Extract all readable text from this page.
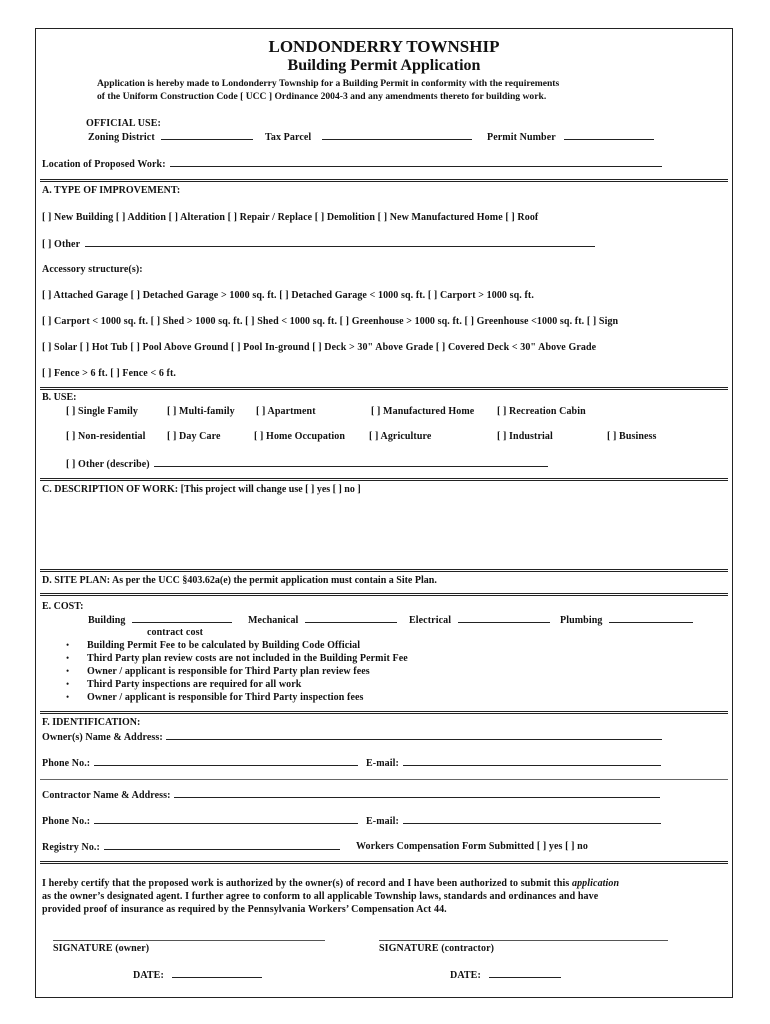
LONDONDERRY TOWNSHIP
Building Permit Application
Application is hereby made to Londonderry Township for a Building Permit in conformity with the requirements
of the Uniform Construction Code [ UCC ] Ordinance 2004-3 and any amendments thereto for building work.
OFFICIAL USE:
Zoning District	Tax Parcel	Permit Number
Location of Proposed Work:
A. TYPE OF IMPROVEMENT:
[ ] New Building [ ] Addition [ ] Alteration [ ] Repair / Replace [ ] Demolition [ ] New Manufactured Home [ ] Roof
[ ] Other
Accessory structure(s):
[ ] Attached Garage [ ] Detached Garage > 1000 sq. ft. [ ] Detached Garage < 1000 sq. ft. [ ] Carport > 1000 sq. ft.
[ ] Carport < 1000 sq. ft. [ ] Shed > 1000 sq. ft. [ ] Shed < 1000 sq. ft. [ ] Greenhouse > 1000 sq. ft. [ ] Greenhouse <1000 sq. ft. [ ] Sign
[ ] Solar [ ] Hot Tub [ ] Pool Above Ground [ ] Pool In-ground [ ] Deck > 30" Above Grade [ ] Covered Deck < 30" Above Grade
[ ] Fence > 6 ft. [ ] Fence < 6 ft.
B. USE:
[ ] Single Family	[ ] Multi-family [ ] Apartment	[ ] Manufactured Home [ ] Recreation Cabin
[ ] Non-residential [ ] Day Care	[ ] Home Occupation [ ] Agriculture	[ ] Industrial	[ ] Business
[ ] Other (describe)
C. DESCRIPTION OF WORK: [This project will change use [ ] yes [ ] no ]
D. SITE PLAN: As per the UCC §403.62a(e) the permit application must contain a Site Plan.
E. COST:
Building	Mechanical	Electrical	Plumbing
contract cost
• Building Permit Fee to be calculated by Building Code Official
• Third Party plan review costs are not included in the Building Permit Fee
• Owner / applicant is responsible for Third Party plan review fees
• Third Party inspections are required for all work
• Owner / applicant is responsible for Third Party inspection fees
F. IDENTIFICATION:
Owner(s) Name & Address:
Phone No.:	E-mail:
Contractor Name & Address:
Phone No.:	E-mail:
Registry No.:	Workers Compensation Form Submitted [ ] yes [ ] no
I hereby certify that the proposed work is authorized by the owner(s) of record and I have been authorized to submit this application
as the owner’s designated agent. I further agree to conform to all applicable Township laws, standards and ordinances and have
provided proof of insurance as required by the Pennsylvania Workers’ Compensation Act 44.
SIGNATURE (owner)	SIGNATURE (contractor)
DATE:	DATE:
